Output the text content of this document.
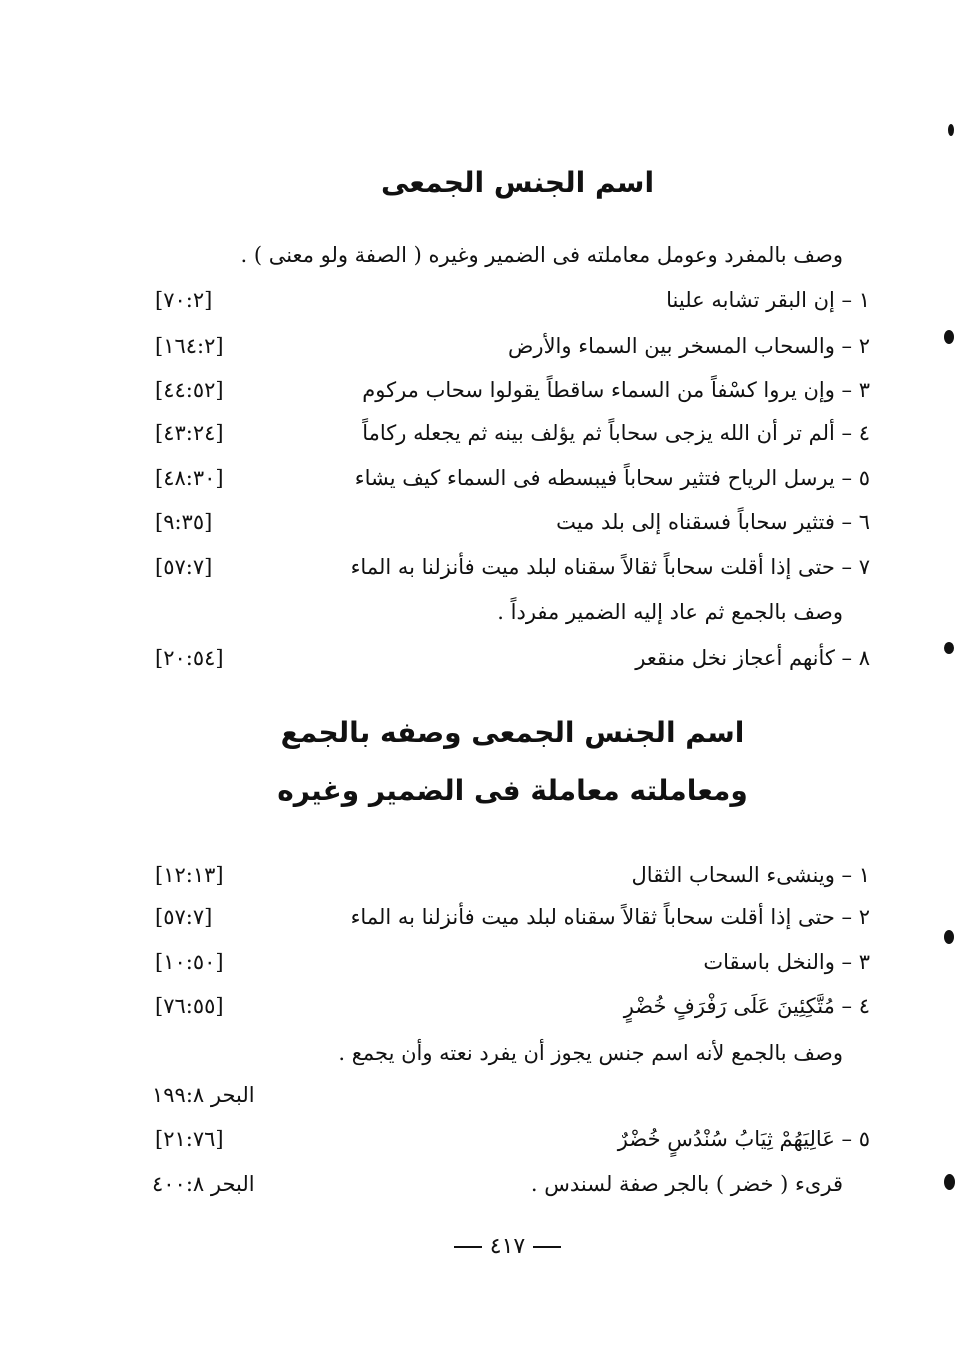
اسم الجنس الجمعى
وصف بالمفرد وعومل معاملته فى الضمير وغيره ( الصفة ولو معنى ) .
١ – إن البقر تشابه علينا
[٧٠:٢]
٢ – والسحاب المسخر بين السماء والأرض
[١٦٤:٢]
٣ – وإن يروا كسْفاً من السماء ساقطاً يقولوا سحاب مركوم
[٤٤:٥٢]
٤ – ألم تر أن الله يزجى سحاباً ثم يؤلف بينه ثم يجعله ركاماً
[٤٣:٢٤]
٥ – يرسل الرياح فتثير سحاباً فيبسطه فى السماء كيف يشاء
[٤٨:٣٠]
٦ – فتثير سحاباً فسقناه إلى بلد ميت
[٩:٣٥]
٧ – حتى إذا أقلت سحاباً ثقالاً سقناه لبلد ميت فأنزلنا به الماء
[٥٧:٧]
وصف بالجمع ثم عاد إليه الضمير مفرداً .
٨ – كأنهم أعجاز نخل منقعر
[٢٠:٥٤]
اسم الجنس الجمعى وصفه بالجمع
ومعاملته معاملة فى الضمير وغيره
١ – وينشىء السحاب الثقال
[١٢:١٣]
٢ – حتى إذا أقلت سحاباً ثقالاً سقناه لبلد ميت فأنزلنا به الماء
[٥٧:٧]
٣ – والنخل باسقات
[١٠:٥٠]
٤ – مُتَّكِئِينَ عَلَى رَفْرَفٍ خُضْرٍ
[٧٦:٥٥]
وصف بالجمع لأنه اسم جنس يجوز أن يفرد نعته وأن يجمع .
البحر ١٩٩:٨
٥ – عَالِيَهُمْ ثِيَابُ سُنْدُسٍ خُضْرٌ
[٢١:٧٦]
قرىء ( خضر ) بالجر صفة لسندس .
البحر ٤٠٠:٨
٤١٧
